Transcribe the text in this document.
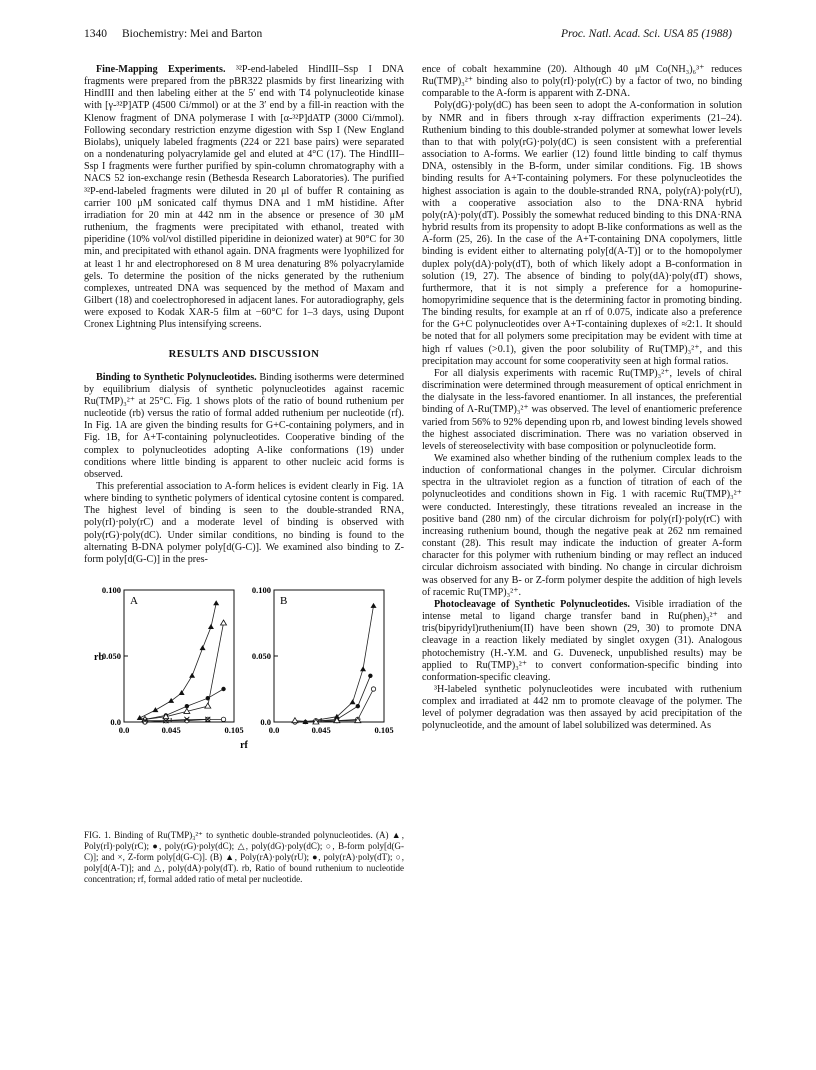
1340 Biochemistry: Mei and Barton	Proc. Natl. Acad. Sci. USA 85 (1988)

Fine-Mapping Experiments. ³²P-end-labeled HindIII–Ssp I DNA fragments were prepared from the pBR322 plasmids by first linearizing with HindIII and then labeling either at the 5′ end with T4 polynucleotide kinase with [γ-³²P]ATP (4500 Ci/mmol) or at the 3′ end by a fill-in reaction with the Klenow fragment of DNA polymerase I with [α-³²P]dATP (3000 Ci/mmol). Following secondary restriction enzyme digestion with Ssp I (New England Biolabs), uniquely labeled fragments (224 or 221 base pairs) were separated on a nondenaturing polyacrylamide gel and eluted at 4°C (17). The HindIII–Ssp I fragments were further purified by spin-column chromatography with a NACS 52 ion-exchange resin (Bethesda Research Laboratories). The purified ³²P-end-labeled fragments were diluted in 20 μl of buffer R containing as carrier 100 μM sonicated calf thymus DNA and 1 mM histidine. After irradiation for 20 min at 442 nm in the absence or presence of 30 μM ruthenium, the fragments were precipitated with ethanol, treated with piperidine (10% vol/vol distilled piperidine in deionized water) at 90°C for 30 min, and precipitated with ethanol again. DNA fragments were lyophilized for at least 1 hr and electrophoresed on 8 M urea denaturing 8% polyacrylamide gels. To determine the position of the nicks generated by the ruthenium complexes, untreated DNA was sequenced by the method of Maxam and Gilbert (18) and coelectrophoresed in adjacent lanes. For autoradiography, gels were exposed to Kodak XAR-5 film at −60°C for 1–3 days, using Dupont Cronex Lightning Plus intensifying screens.

RESULTS AND DISCUSSION

Binding to Synthetic Polynucleotides. Binding isotherms were determined by equilibrium dialysis of synthetic polynucleotides against racemic Ru(TMP)₃²⁺ at 25°C. Fig. 1 shows plots of the ratio of bound ruthenium per nucleotide (rb) versus the ratio of formal added ruthenium per nucleotide (rf). In Fig. 1A are given the binding results for G+C-containing polymers, and in Fig. 1B, for A+T-containing polynucleotides. Cooperative binding of the complex to polynucleotides adopting A-like conformations (19) under conditions where little binding is apparent to other nucleic acid forms is observed.

This preferential association to A-form helices is evident clearly in Fig. 1A where binding to synthetic polymers of identical cytosine content is compared. The highest level of binding is seen to the double-stranded RNA, poly(rI)·poly(rC) and a moderate level of binding is observed with poly(rG)·poly(dC). Under similar conditions, no binding is found to the alternating B-DNA polymer poly[d(G-C)]. We examined also binding to Z-form poly[d(G-C)] in the pres-

A
0.0
0.050
0.100
0.0	0.045	0.105
rb
rf
B
0.0
0.050
0.100
0.0	0.045	0.105
FIG. 1. Binding of Ru(TMP)₃²⁺ to synthetic double-stranded polynucleotides. (A) ▲, Poly(rI)·poly(rC); ●, poly(rG)·poly(dC); △, poly(dG)·poly(dC); ○, B-form poly[d(G-C)]; and ×, Z-form poly[d(G-C)]. (B) ▲, Poly(rA)·poly(rU); ●, poly(rA)·poly(dT); ○, poly[d(A-T)]; and △, poly(dA)·poly(dT). rb, Ratio of bound ruthenium to nucleotide concentration; rf, formal added ratio of metal per nucleotide.

ence of cobalt hexammine (20). Although 40 μM Co(NH₃)₆³⁺ reduces Ru(TMP)₃²⁺ binding also to poly(rI)·poly(rC) by a factor of two, no binding comparable to the A-form is apparent with Z-DNA.

Poly(dG)·poly(dC) has been seen to adopt the A-conformation in solution by NMR and in fibers through x-ray diffraction experiments (21–24). Ruthenium binding to this double-stranded polymer at somewhat lower levels than to that with poly(rG)·poly(dC) is seen consistent with a preferential association to A-forms. We earlier (12) found little binding to calf thymus DNA, ostensibly in the B-form, under similar conditions. Fig. 1B shows binding results for A+T-containing polymers. For these polynucleotides the highest association is again to the double-stranded RNA, poly(rA)·poly(rU), with a cooperative association also to the DNA·RNA hybrid poly(rA)·poly(dT). Possibly the somewhat reduced binding to this DNA·RNA hybrid results from its propensity to adopt B-like conformations as well as the A-form (25, 26). In the case of the A+T-containing DNA copolymers, little binding is evident either to alternating poly[d(A-T)] or to the homopolymer duplex poly(dA)·poly(dT), both of which likely adopt a B-conformation in solution (19, 27). The absence of binding to poly(dA)·poly(dT) shows, furthermore, that it is not simply a preference for a homopurine-homopyrimidine sequence that is the determining factor in promoting binding. The binding results, for example at an rf of 0.075, indicate also a preference for the G+C polynucleotides over A+T-containing duplexes of ≈2:1. It should be noted that for all polymers some precipitation may be evident with time at high rf values (>0.1), given the poor solubility of Ru(TMP)₃²⁺, and this precipitation may account for some cooperativity seen at high formal ratios.

For all dialysis experiments with racemic Ru(TMP)₃²⁺, levels of chiral discrimination were determined through measurement of optical enrichment in the dialysate in the less-favored enantiomer. In all instances, the preferential binding of Λ-Ru(TMP)₃²⁺ was observed. The level of enantiomeric preference varied from 56% to 92% depending upon rb, and lowest binding levels showed the highest associated discrimination. There was no variation observed in levels of stereoselectivity with base composition or polynucleotide form.

We examined also whether binding of the ruthenium complex leads to the induction of conformational changes in the polymer. Circular dichroism spectra in the ultraviolet region as a function of titration of each of the polynucleotides and conditions shown in Fig. 1 with racemic Ru(TMP)₃²⁺ were conducted. Interestingly, these titrations revealed an increase in the positive band (280 nm) of the circular dichroism for poly(rI)·poly(rC) with increasing ruthenium bound, though the negative peak at 262 nm remained constant (28). This result may indicate the induction of greater A-form character for this polymer with ruthenium binding or may reflect an induced circular dichroism associated with binding. No change in circular dichroism was observed for any B- or Z-form polymer despite the addition of high levels of racemic Ru(TMP)₃²⁺.

Photocleavage of Synthetic Polynucleotides. Visible irradiation of the intense metal to ligand charge transfer band in Ru(phen)₃²⁺ and tris(bipyridyl)ruthenium(II) have been shown (29, 30) to promote DNA cleavage in a reaction likely mediated by singlet oxygen (31). Analogous photochemistry (H.-Y.M. and G. Duveneck, unpublished results) may be applied to Ru(TMP)₃²⁺ to convert conformation-specific binding into conformation-specific cleaving.

³H-labeled synthetic polynucleotides were incubated with ruthenium complex and irradiated at 442 nm to promote cleavage of the polymer. The level of polymer degradation was then assayed by acid precipitation of the polynucleotide, and the amount of label solubilized was determined. As
